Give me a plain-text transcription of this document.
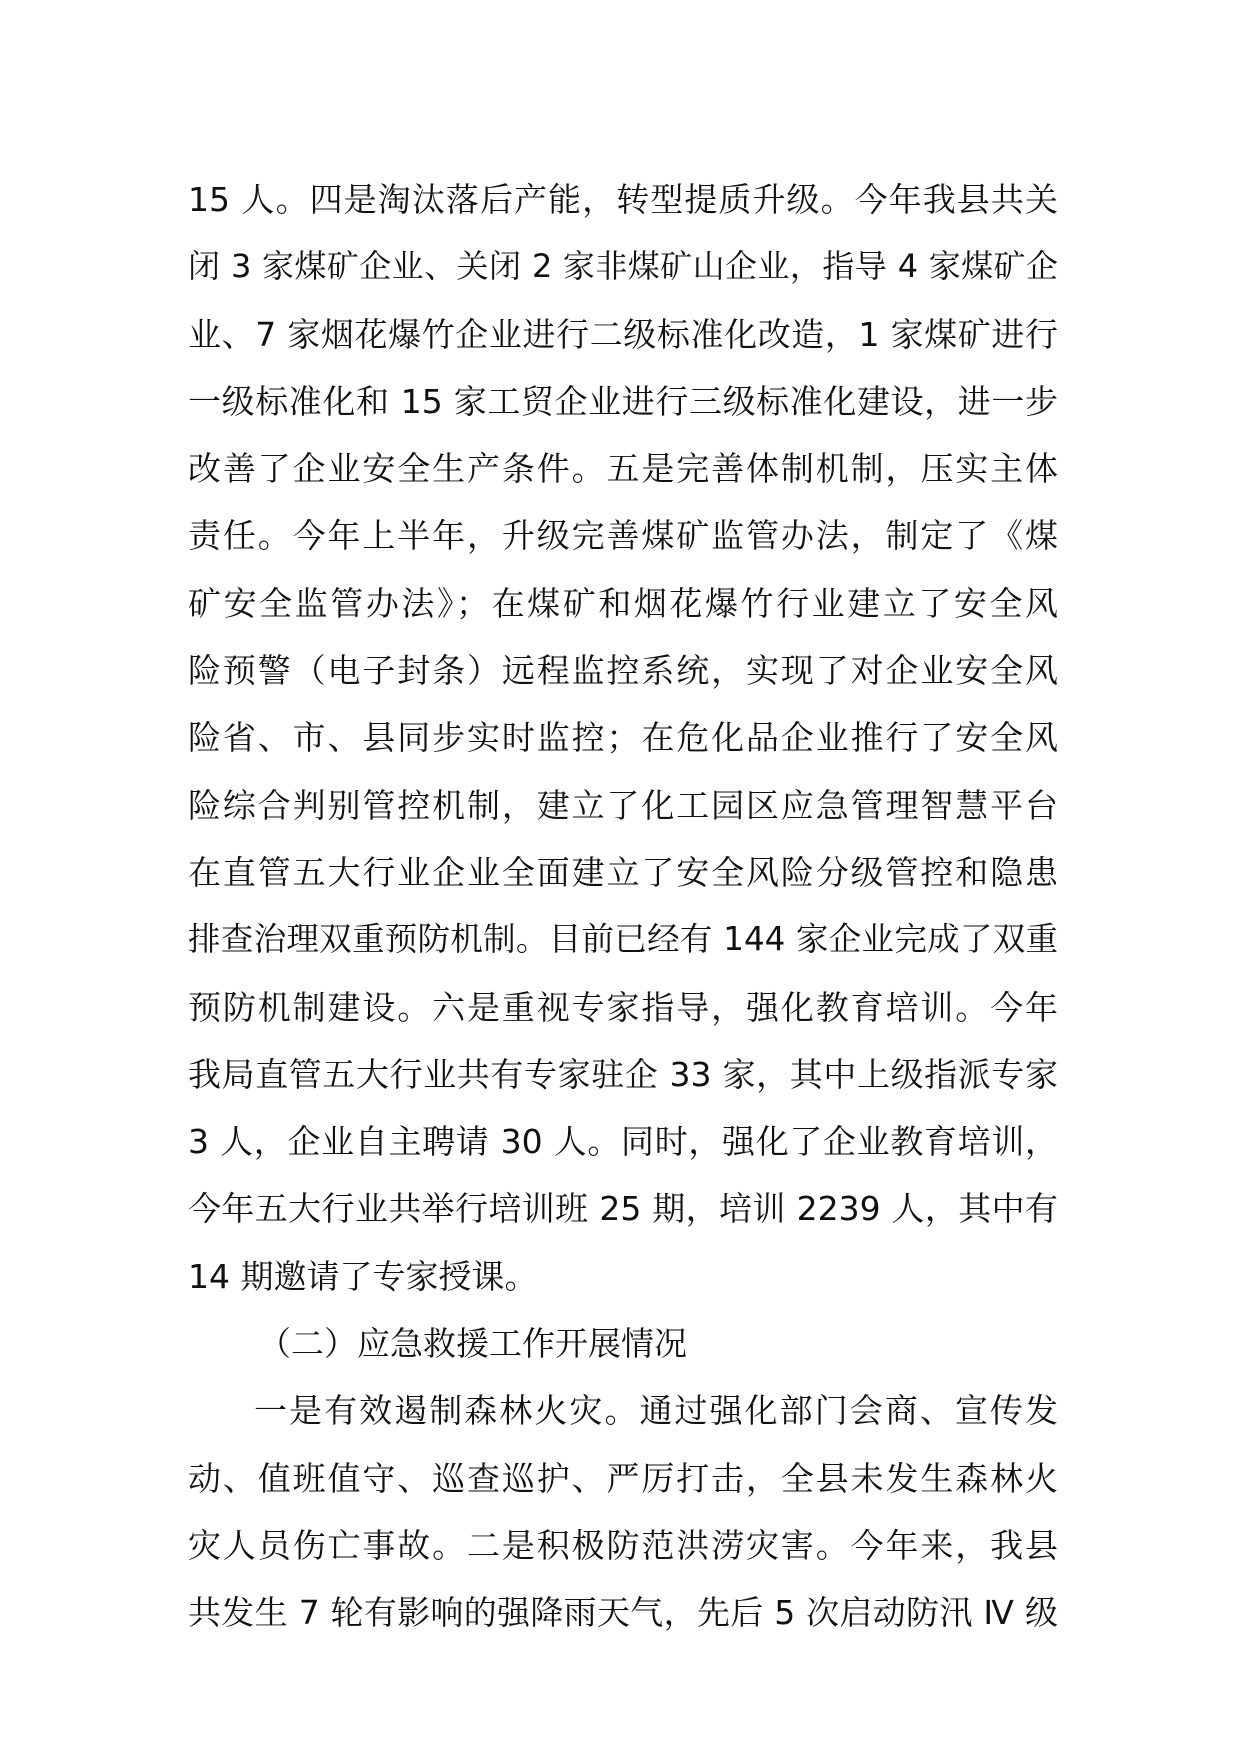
15 人。四是淘汰落后产能，转型提质升级。今年我县共关
闭 3 家煤矿企业、关闭 2 家非煤矿山企业，指导 4 家煤矿企
业、7 家烟花爆竹企业进行二级标准化改造，1 家煤矿进行
一级标准化和 15 家工贸企业进行三级标准化建设，进一步
改善了企业安全生产条件。五是完善体制机制，压实主体
责任。今年上半年，升级完善煤矿监管办法，制定了《煤
矿安全监管办法》；在煤矿和烟花爆竹行业建立了安全风
险预警（电子封条）远程监控系统，实现了对企业安全风
险省、市、县同步实时监控；在危化品企业推行了安全风
险综合判别管控机制，建立了化工园区应急管理智慧平台
在直管五大行业企业全面建立了安全风险分级管控和隐患
排查治理双重预防机制。目前已经有 144 家企业完成了双重
预防机制建设。六是重视专家指导，强化教育培训。今年
我局直管五大行业共有专家驻企 33 家，其中上级指派专家
3 人，企业自主聘请 30 人。同时，强化了企业教育培训，
今年五大行业共举行培训班 25 期，培训 2239 人，其中有
14 期邀请了专家授课。
（二）应急救援工作开展情况
一是有效遏制森林火灾。通过强化部门会商、宣传发
动、值班值守、巡查巡护、严厉打击，全县未发生森林火
灾人员伤亡事故。二是积极防范洪涝灾害。今年来，我县
共发生 7 轮有影响的强降雨天气，先后 5 次启动防汛 Ⅳ 级
